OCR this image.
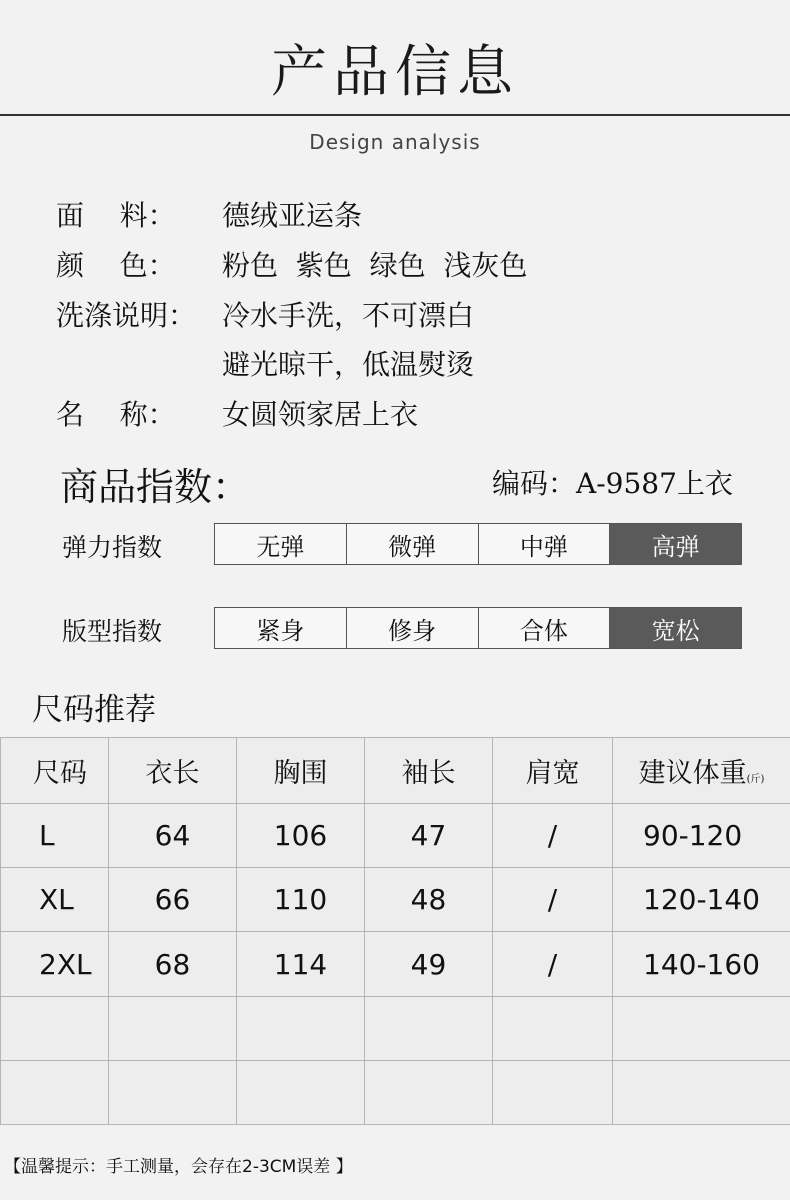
产品信息
Design analysis
面    料：	德绒亚运条
颜    色：	粉色  紫色  绿色  浅灰色
洗涤说明： 冷水手洗，不可漂白
避光晾干，低温熨烫
名    称：	女圆领家居上衣
商品指数：	编码：A-9587上衣
弹力指数	无弹	微弹	中弹	高弹
版型指数	紧身	修身	合体	宽松
尺码推荐
尺码	衣长	胸围	袖长	肩宽	建议体重(斤)
L	64	106	47	/	90-120
XL	66	110	48	/	120-140
2XL	68	114	49	/	140-160

【温馨提示：手工测量，会存在2-3CM误差 】
